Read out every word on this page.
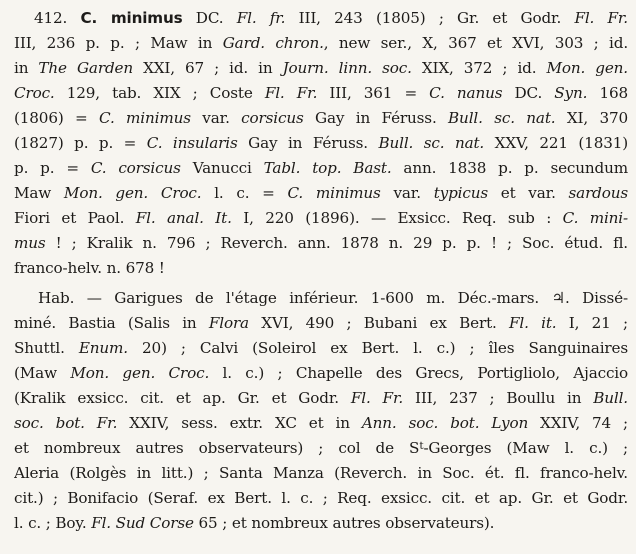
412. C. minimus DC. Fl. fr. III, 243 (1805) ; Gr. et Godr. Fl. Fr.
III, 236 p. p. ; Maw in Gard. chron., new ser., X, 367 et XVI, 303 ; id.
in The Garden XXI, 67 ; id. in Journ. linn. soc. XIX, 372 ; id. Mon. gen.
Croc. 129, tab. XIX ; Coste Fl. Fr. III, 361 = C. nanus DC. Syn. 168
(1806) = C. minimus var. corsicus Gay in Féruss. Bull. sc. nat. XI, 370
(1827) p. p. = C. insularis Gay in Féruss. Bull. sc. nat. XXV, 221 (1831)
p. p. = C. corsicus Vanucci Tabl. top. Bast. ann. 1838 p. p. secundum
Maw Mon. gen. Croc. l. c. = C. minimus var. typicus et var. sardous
Fiori et Paol. Fl. anal. It. I, 220 (1896). — Exsicc. Req. sub : C. mini-
mus ! ; Kralik n. 796 ; Reverch. ann. 1878 n. 29 p. p. ! ; Soc. étud. fl.
franco-helv. n. 678 !
Hab. — Garigues de l'étage inférieur. 1-600 m. Déc.-mars. ♃. Dissé-
miné. Bastia (Salis in Flora XVI, 490 ; Bubani ex Bert. Fl. it. I, 21 ;
Shuttl. Enum. 20) ; Calvi (Soleirol ex Bert. l. c.) ; îles Sanguinaires
(Maw Mon. gen. Croc. l. c.) ; Chapelle des Grecs, Portigliolo, Ajaccio
(Kralik exsicc. cit. et ap. Gr. et Godr. Fl. Fr. III, 237 ; Boullu in Bull.
soc. bot. Fr. XXIV, sess. extr. XC et in Ann. soc. bot. Lyon XXIV, 74 ;
et nombreux autres observateurs) ; col de $S^t$-Georges (Maw l. c.) ;
Aleria (Rolgès in litt.) ; Santa Manza (Reverch. in Soc. ét. fl. franco-helv.
cit.) ; Bonifacio (Seraf. ex Bert. l. c. ; Req. exsicc. cit. et ap. Gr. et Godr.
l. c. ; Boy. Fl. Sud Corse 65 ; et nombreux autres observateurs).
